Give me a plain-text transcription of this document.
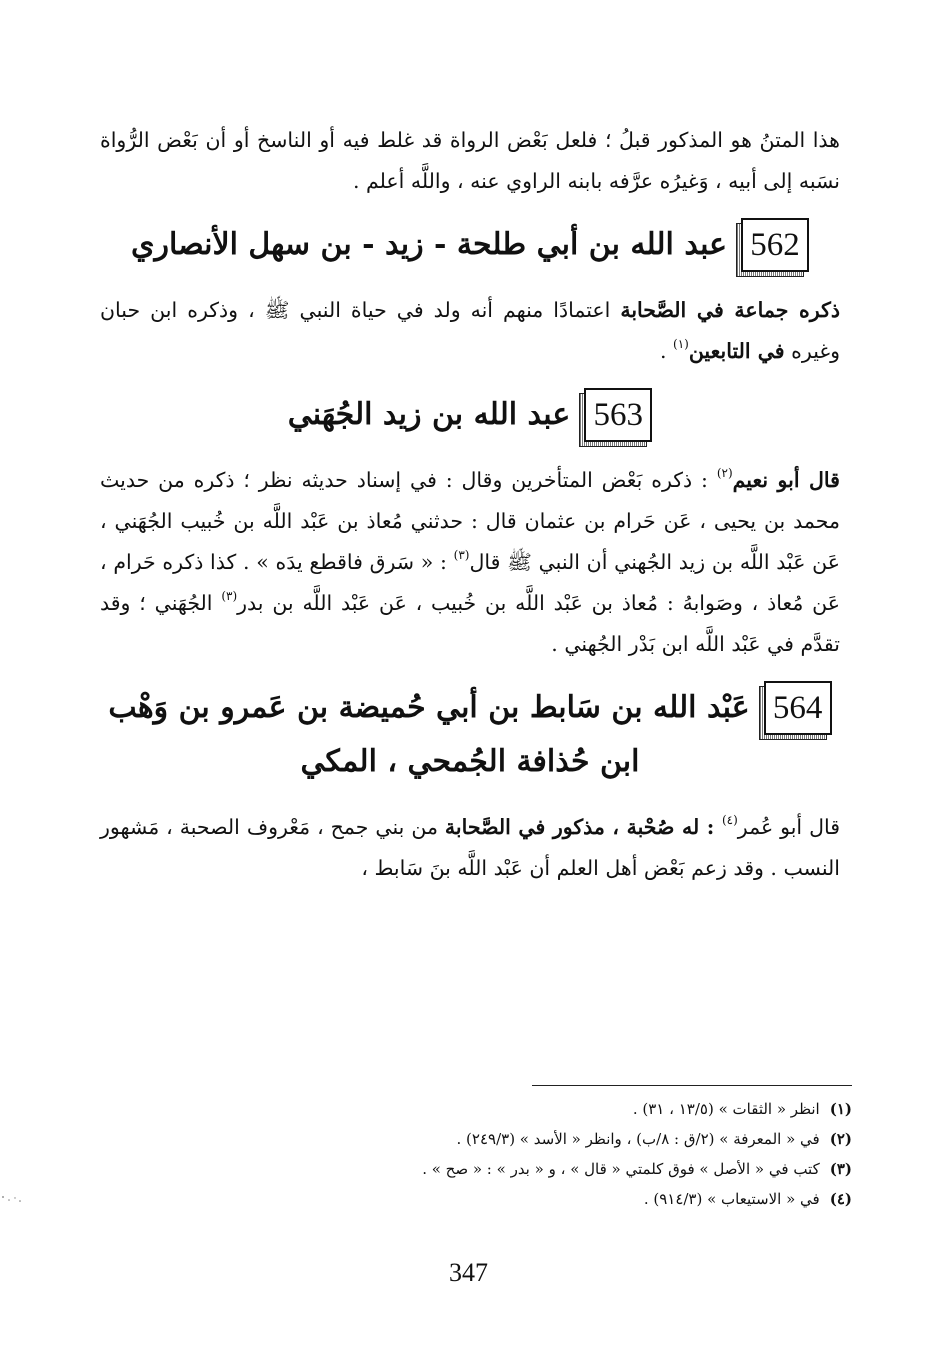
هذا المتنُ هو المذكور قبلُ ؛ فلعل بَعْض الرواة قد غلط فيه أو الناسخ أو أن بَعْض الرُّواة نسَبه إلى أبيه ، وَغيرُه عرَّفه بابنه الراوي عنه ، واللَّه أعلم .

562
عبد الله بن أبي طلحة - زيد - بن سهل الأنصاري

ذكره جماعة في الصَّحابة اعتمادًا منهم أنه ولد في حياة النبي ﷺ ، وذكره ابن حبان وغيره في التابعين$^{(١)}$ .

563
عبد الله بن زيد الجُهَني

قال أبو نعيم$^{(٢)}$ : ذكره بَعْض المتأخرين وقال : في إسناد حديثه نظر ؛ ذكره من حديث محمد بن يحيى ، عَن حَرام بن عثمان قال : حدثني مُعاذ بن عَبْد اللَّه بن خُبيب الجُهَني ، عَن عَبْد اللَّه بن زيد الجُهني أن النبي ﷺ قال$^{(٣)}$ : « سَرق فاقطع يدَه » . كذا ذكره حَرام ، عَن مُعاذ ، وصَوابهُ : مُعاذ بن عَبْد اللَّه بن خُبيب ، عَن عَبْد اللَّه بن بدر$^{(٣)}$ الجُهَني ؛ وقد تقدَّم في عَبْد اللَّه ابن بَدْر الجُهني .

564
عَبْد الله بن سَابط بن أبي حُميضة بن عَمرو بن وَهْب
ابن حُذافة الجُمحي ، المكي

قال أبو عُمر$^{(٤)}$ : له صُحْبة ، مذكور في الصَّحابة من بني جمح ، مَعْروف الصحبة ، مَشهور النسب . وقد زعم بَعْض أهل العلم أن عَبْد اللَّه بنَ سَابط ،

(١)انظر « الثقات » (١٣/٥ ، ٣١) .

(٢)في « المعرفة » (٢/ق : ٨/ب) ، وانظر « الأسد » (٢٤٩/٣) .

(٣)كتب في « الأصل » فوق كلمتي « قال » ، و « بدر » : « صح » .

(٤)في « الاستيعاب » (٩١٤/٣) .

347
